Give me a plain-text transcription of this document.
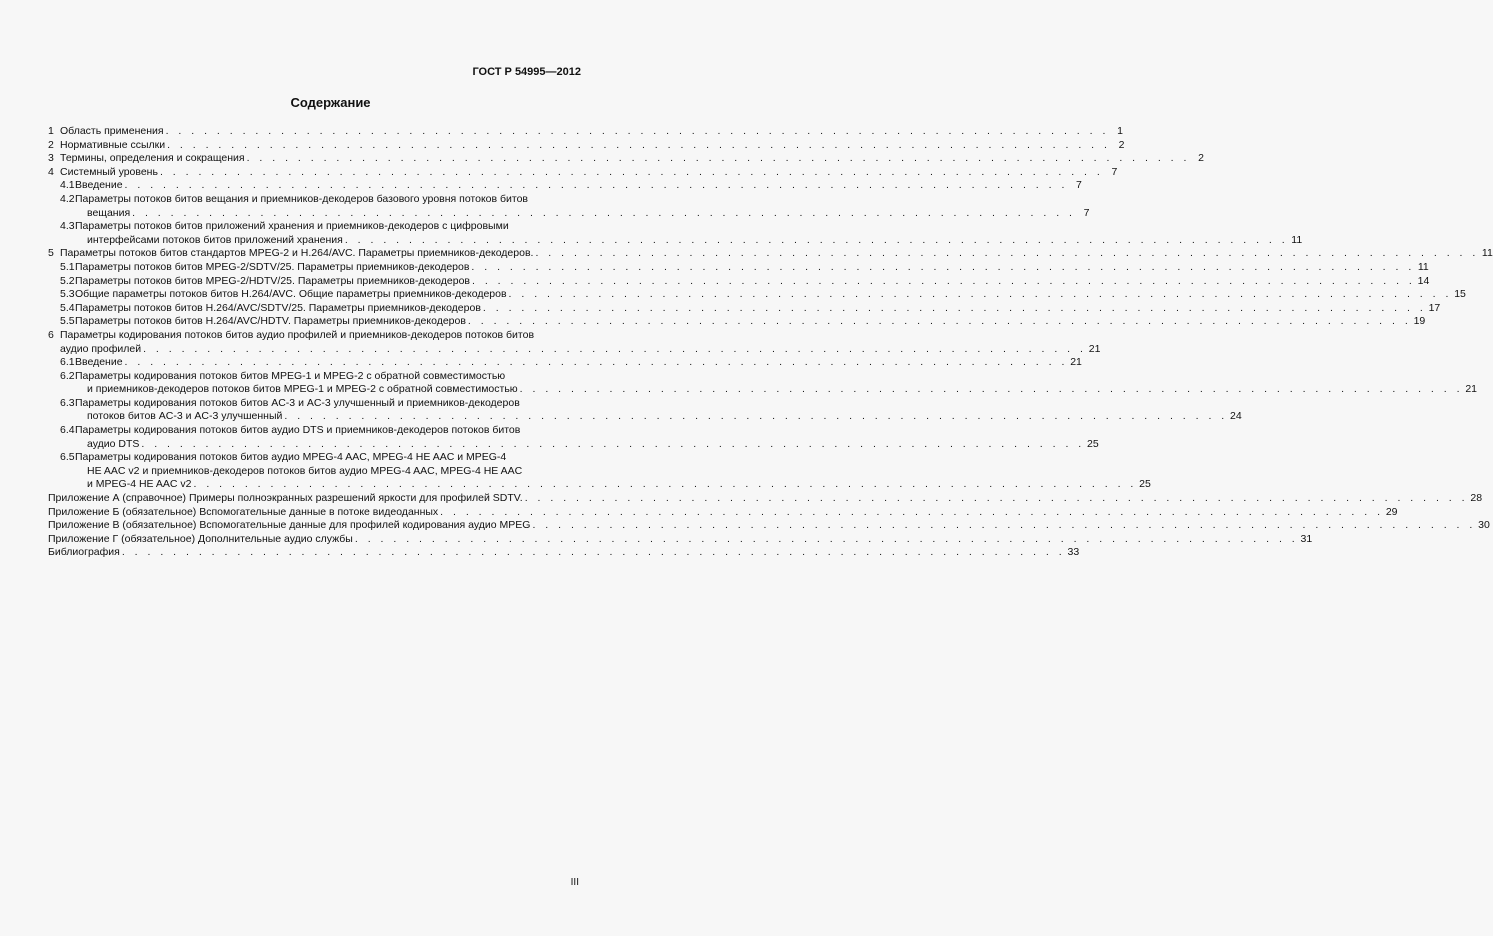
ГОСТ Р 54995—2012
Содержание
1 Область применения . . . . . . . . . . . . . . . . . . . . . . . . . . . . . . . . . . . . . . . . . . . . . . . . . . . . . . . . . . . . . . . . . . . . . . . . . . 1
2 Нормативные ссылки . . . . . . . . . . . . . . . . . . . . . . . . . . . . . . . . . . . . . . . . . . . . . . . . . . . . . . . . . . . . . . . . . . . . . . . . . . 2
3 Термины, определения и сокращения . . . . . . . . . . . . . . . . . . . . . . . . . . . . . . . . . . . . . . . . . . . . . . . . . . . . . . . . . . . . . . . . . . . . . . . . . . 2
4 Системный уровень . . . . . . . . . . . . . . . . . . . . . . . . . . . . . . . . . . . . . . . . . . . . . . . . . . . . . . . . . . . . . . . . . . . . . . . . . . 7
4.1 Введение . . . . . . . . . . . . . . . . . . . . . . . . . . . . . . . . . . . . . . . . . . . . . . . . . . . . . . . . . . . . . . . . . . . . . . . . . . 7
4.2 Параметры потоков битов вещания и приемников-декодеров базового уровня потоков битов
вещания . . . . . . . . . . . . . . . . . . . . . . . . . . . . . . . . . . . . . . . . . . . . . . . . . . . . . . . . . . . . . . . . . . . . . . . . . . 7
4.3 Параметры потоков битов приложений хранения и приемников-декодеров с цифровыми
интерфейсами потоков битов приложений хранения . . . . . . . . . . . . . . . . . . . . . . . . . . . . . . . . . . . . . . . . . . . . . . . . . . . . . . . . . . . . . . . . . . . . . . . . . . 11
5 Параметры потоков битов стандартов MPEG-2 и H.264/AVC. Параметры приемников-декодеров. . . . . . . . . . . . . . . . . . . . . . . . . . . . . . . . . . . . . . . . . . . . . . . . . . . . . . . . . . . . . . . . . . . . . . . . . . . 11
5.1 Параметры потоков битов MPEG-2/SDTV/25. Параметры приемников-декодеров . . . . . . . . . . . . . . . . . . . . . . . . . . . . . . . . . . . . . . . . . . . . . . . . . . . . . . . . . . . . . . . . . . . . . . . . . . 11
5.2 Параметры потоков битов MPEG-2/HDTV/25. Параметры приемников-декодеров . . . . . . . . . . . . . . . . . . . . . . . . . . . . . . . . . . . . . . . . . . . . . . . . . . . . . . . . . . . . . . . . . . . . . . . . . . 14
5.3 Общие параметры потоков битов H.264/AVC. Общие параметры приемников-декодеров . . . . . . . . . . . . . . . . . . . . . . . . . . . . . . . . . . . . . . . . . . . . . . . . . . . . . . . . . . . . . . . . . . . . . . . . . . 15
5.4 Параметры потоков битов H.264/AVC/SDTV/25. Параметры приемников-декодеров . . . . . . . . . . . . . . . . . . . . . . . . . . . . . . . . . . . . . . . . . . . . . . . . . . . . . . . . . . . . . . . . . . . . . . . . . . 17
5.5 Параметры потоков битов H.264/AVC/HDTV. Параметры приемников-декодеров . . . . . . . . . . . . . . . . . . . . . . . . . . . . . . . . . . . . . . . . . . . . . . . . . . . . . . . . . . . . . . . . . . . . . . . . . . 19
6 Параметры кодирования потоков битов аудио профилей и приемников-декодеров потоков битов
аудио профилей . . . . . . . . . . . . . . . . . . . . . . . . . . . . . . . . . . . . . . . . . . . . . . . . . . . . . . . . . . . . . . . . . . . . . . . . . . 21
6.1 Введение . . . . . . . . . . . . . . . . . . . . . . . . . . . . . . . . . . . . . . . . . . . . . . . . . . . . . . . . . . . . . . . . . . . . . . . . . . 21
6.2 Параметры кодирования потоков битов MPEG-1 и MPEG-2 с обратной совместимостью
и приемников-декодеров потоков битов MPEG-1 и MPEG-2 с обратной совместимостью . . . . . . . . . . . . . . . . . . . . . . . . . . . . . . . . . . . . . . . . . . . . . . . . . . . . . . . . . . . . . . . . . . . . . . . . . . 21
6.3 Параметры кодирования потоков битов AC-3 и AC-3 улучшенный и приемников-декодеров
потоков битов AC-3 и AC-3 улучшенный . . . . . . . . . . . . . . . . . . . . . . . . . . . . . . . . . . . . . . . . . . . . . . . . . . . . . . . . . . . . . . . . . . . . . . . . . . 24
6.4 Параметры кодирования потоков битов аудио DTS и приемников-декодеров потоков битов
аудио DTS . . . . . . . . . . . . . . . . . . . . . . . . . . . . . . . . . . . . . . . . . . . . . . . . . . . . . . . . . . . . . . . . . . . . . . . . . . 25
6.5 Параметры кодирования потоков битов аудио MPEG-4 AAC, MPEG-4 HE AAC и MPEG-4
HE AAC v2 и приемников-декодеров потоков битов аудио MPEG-4 AAC, MPEG-4 HE AAC
и MPEG-4 HE AAC v2 . . . . . . . . . . . . . . . . . . . . . . . . . . . . . . . . . . . . . . . . . . . . . . . . . . . . . . . . . . . . . . . . . . . . . . . . . . 25
Приложение А (справочное) Примеры полноэкранных разрешений яркости для профилей SDTV. . . . . . . . . . . . . . . . . . . . . . . . . . . . . . . . . . . . . . . . . . . . . . . . . . . . . . . . . . . . . . . . . . . . . . . . . . . 28
Приложение Б (обязательное) Вспомогательные данные в потоке видеоданных . . . . . . . . . . . . . . . . . . . . . . . . . . . . . . . . . . . . . . . . . . . . . . . . . . . . . . . . . . . . . . . . . . . . . . . . . . 29
Приложение В (обязательное) Вспомогательные данные для профилей кодирования аудио MPEG . . . . . . . . . . . . . . . . . . . . . . . . . . . . . . . . . . . . . . . . . . . . . . . . . . . . . . . . . . . . . . . . . . . . . . . . . . 30
Приложение Г (обязательное) Дополнительные аудио службы . . . . . . . . . . . . . . . . . . . . . . . . . . . . . . . . . . . . . . . . . . . . . . . . . . . . . . . . . . . . . . . . . . . . . . . . . . 31
Библиография . . . . . . . . . . . . . . . . . . . . . . . . . . . . . . . . . . . . . . . . . . . . . . . . . . . . . . . . . . . . . . . . . . . . . . . . . . 33
III
